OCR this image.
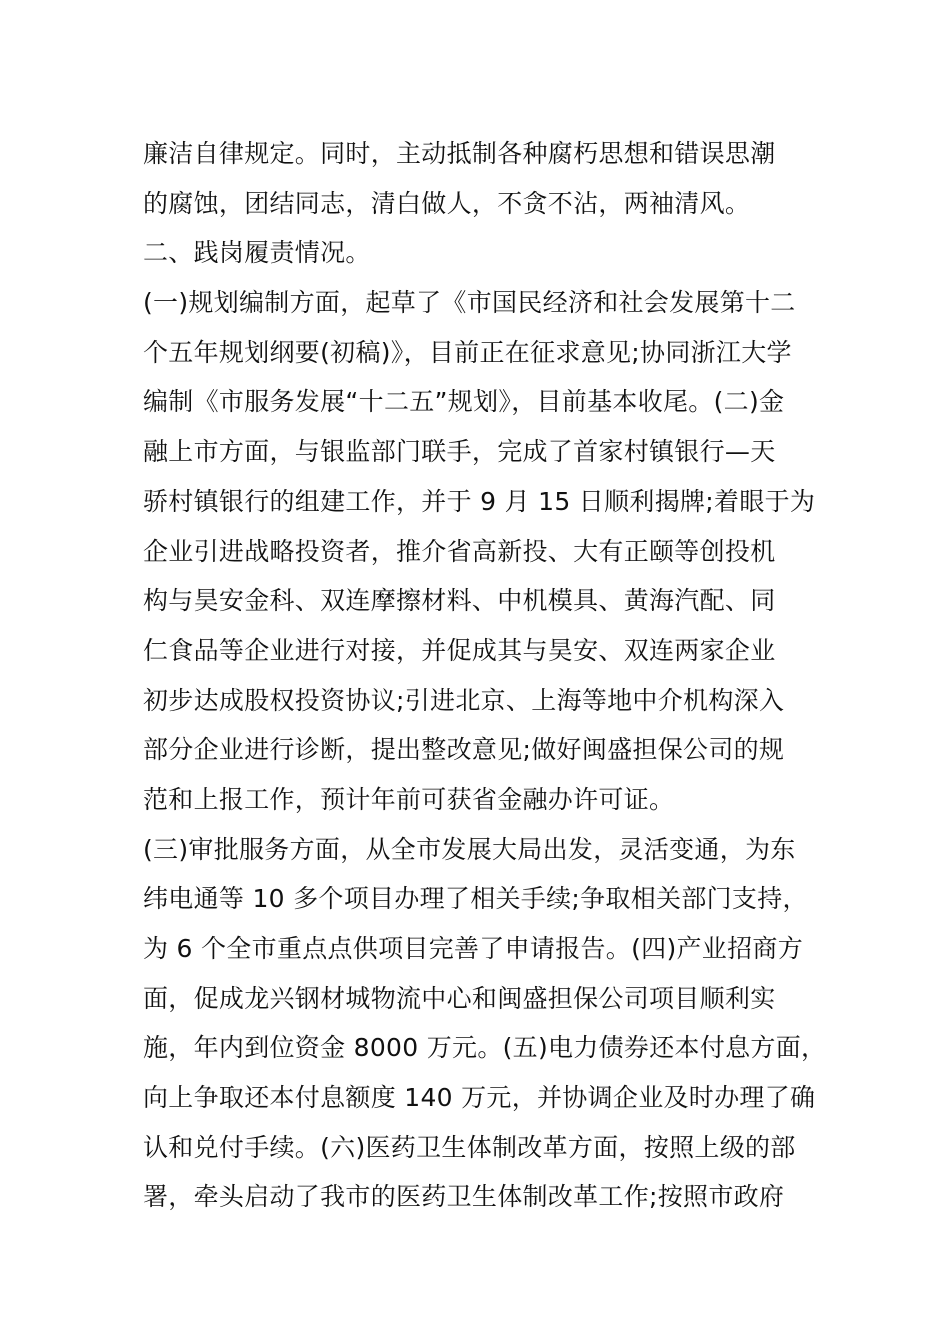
廉洁自律规定。同时，主动抵制各种腐朽思想和错误思潮
的腐蚀，团结同志，清白做人，不贪不沾，两袖清风。
二、践岗履责情况。
(一)规划编制方面，起草了《市国民经济和社会发展第十二
个五年规划纲要(初稿)》，目前正在征求意见;协同浙江大学
编制《市服务发展“十二五”规划》，目前基本收尾。(二)金
融上市方面，与银监部门联手，完成了首家村镇银行—天
骄村镇银行的组建工作，并于 9 月 15 日顺利揭牌;着眼于为
企业引进战略投资者，推介省高新投、大有正颐等创投机
构与昊安金科、双连摩擦材料、中机模具、黄海汽配、同
仁食品等企业进行对接，并促成其与昊安、双连两家企业
初步达成股权投资协议;引进北京、上海等地中介机构深入
部分企业进行诊断，提出整改意见;做好闽盛担保公司的规
范和上报工作，预计年前可获省金融办许可证。
(三)审批服务方面，从全市发展大局出发，灵活变通，为东
纬电通等 10 多个项目办理了相关手续;争取相关部门支持，
为 6 个全市重点点供项目完善了申请报告。(四)产业招商方
面，促成龙兴钢材城物流中心和闽盛担保公司项目顺利实
施，年内到位资金 8000 万元。(五)电力债券还本付息方面，
向上争取还本付息额度 140 万元，并协调企业及时办理了确
认和兑付手续。(六)医药卫生体制改革方面，按照上级的部
署，牵头启动了我市的医药卫生体制改革工作;按照市政府
